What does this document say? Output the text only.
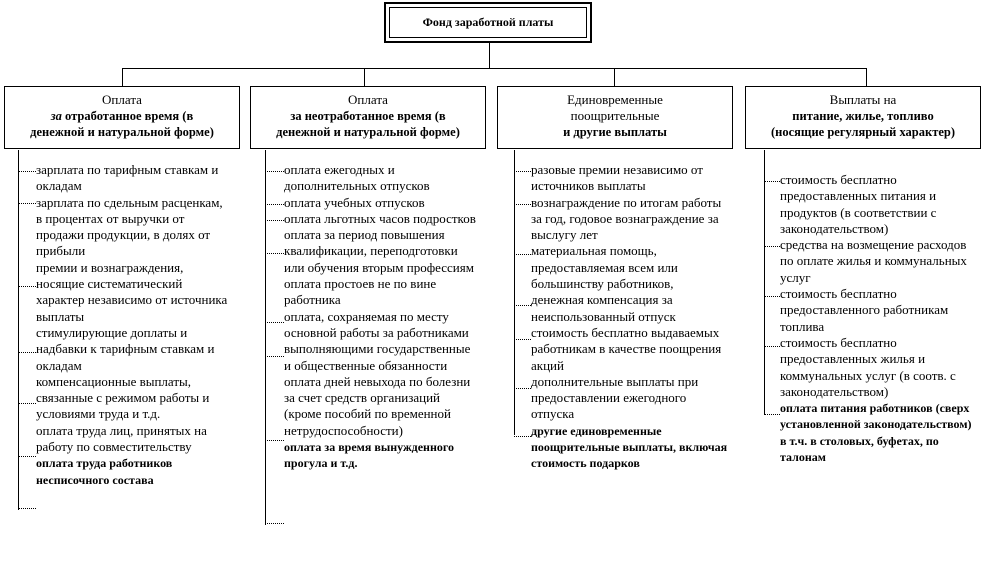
Фонд заработной платы
Оплата
за отработанное время (в
денежной и натуральной форме)
Оплата
за неотработанное время (в
денежной и натуральной форме)
Единовременные
поощрительные
и другие выплаты
Выплаты на
питание, жилье, топливо
(носящие регулярный характер)
зарплата по тарифным ставкам и окладам
зарплата по сдельным расценкам, в процентах от выручки от продажи продукции, в долях от прибыли
премии и вознаграждения, носящие систематический характер независимо от источника выплаты
стимулирующие доплаты и надбавки к тарифным ставкам и окладам
компенсационные выплаты, связанные с режимом работы и условиями труда и т.д.
оплата труда лиц, принятых на работу по совместительству
оплата труда работников несписочного состава
оплата ежегодных и дополнительных отпусков
оплата учебных отпусков
оплата льготных часов подростков
оплата за период повышения квалификации, переподготовки или обучения вторым профессиям
оплата простоев не по вине работника
оплата, сохраняемая по месту основной работы за работниками выполняющими государственные и общественные обязанности
оплата дней невыхода по болезни за счет средств организаций (кроме пособий по временной нетрудоспособности)
оплата за время вынужденного прогула и т.д.
разовые премии независимо от источников выплаты
вознаграждение по итогам работы за год, годовое вознаграждение за выслугу лет
материальная помощь, предоставляемая всем или большинству работников,
денежная компенсация за неиспользованный отпуск
стоимость бесплатно выдаваемых работникам в качестве поощрения акций
дополнительные выплаты при предоставлении ежегодного отпуска
другие единовременные поощрительные выплаты, включая стоимость подарков
стоимость бесплатно предоставленных питания и продуктов (в соответствии с законодательством)
средства на возмещение расходов по оплате жилья и коммунальных услуг
стоимость бесплатно предоставленного работникам топлива
стоимость бесплатно предоставленных жилья и коммунальных услуг (в соотв. с законодательством)
оплата питания работников (сверх установленной законодательством) в т.ч. в столовых, буфетах, по талонам
